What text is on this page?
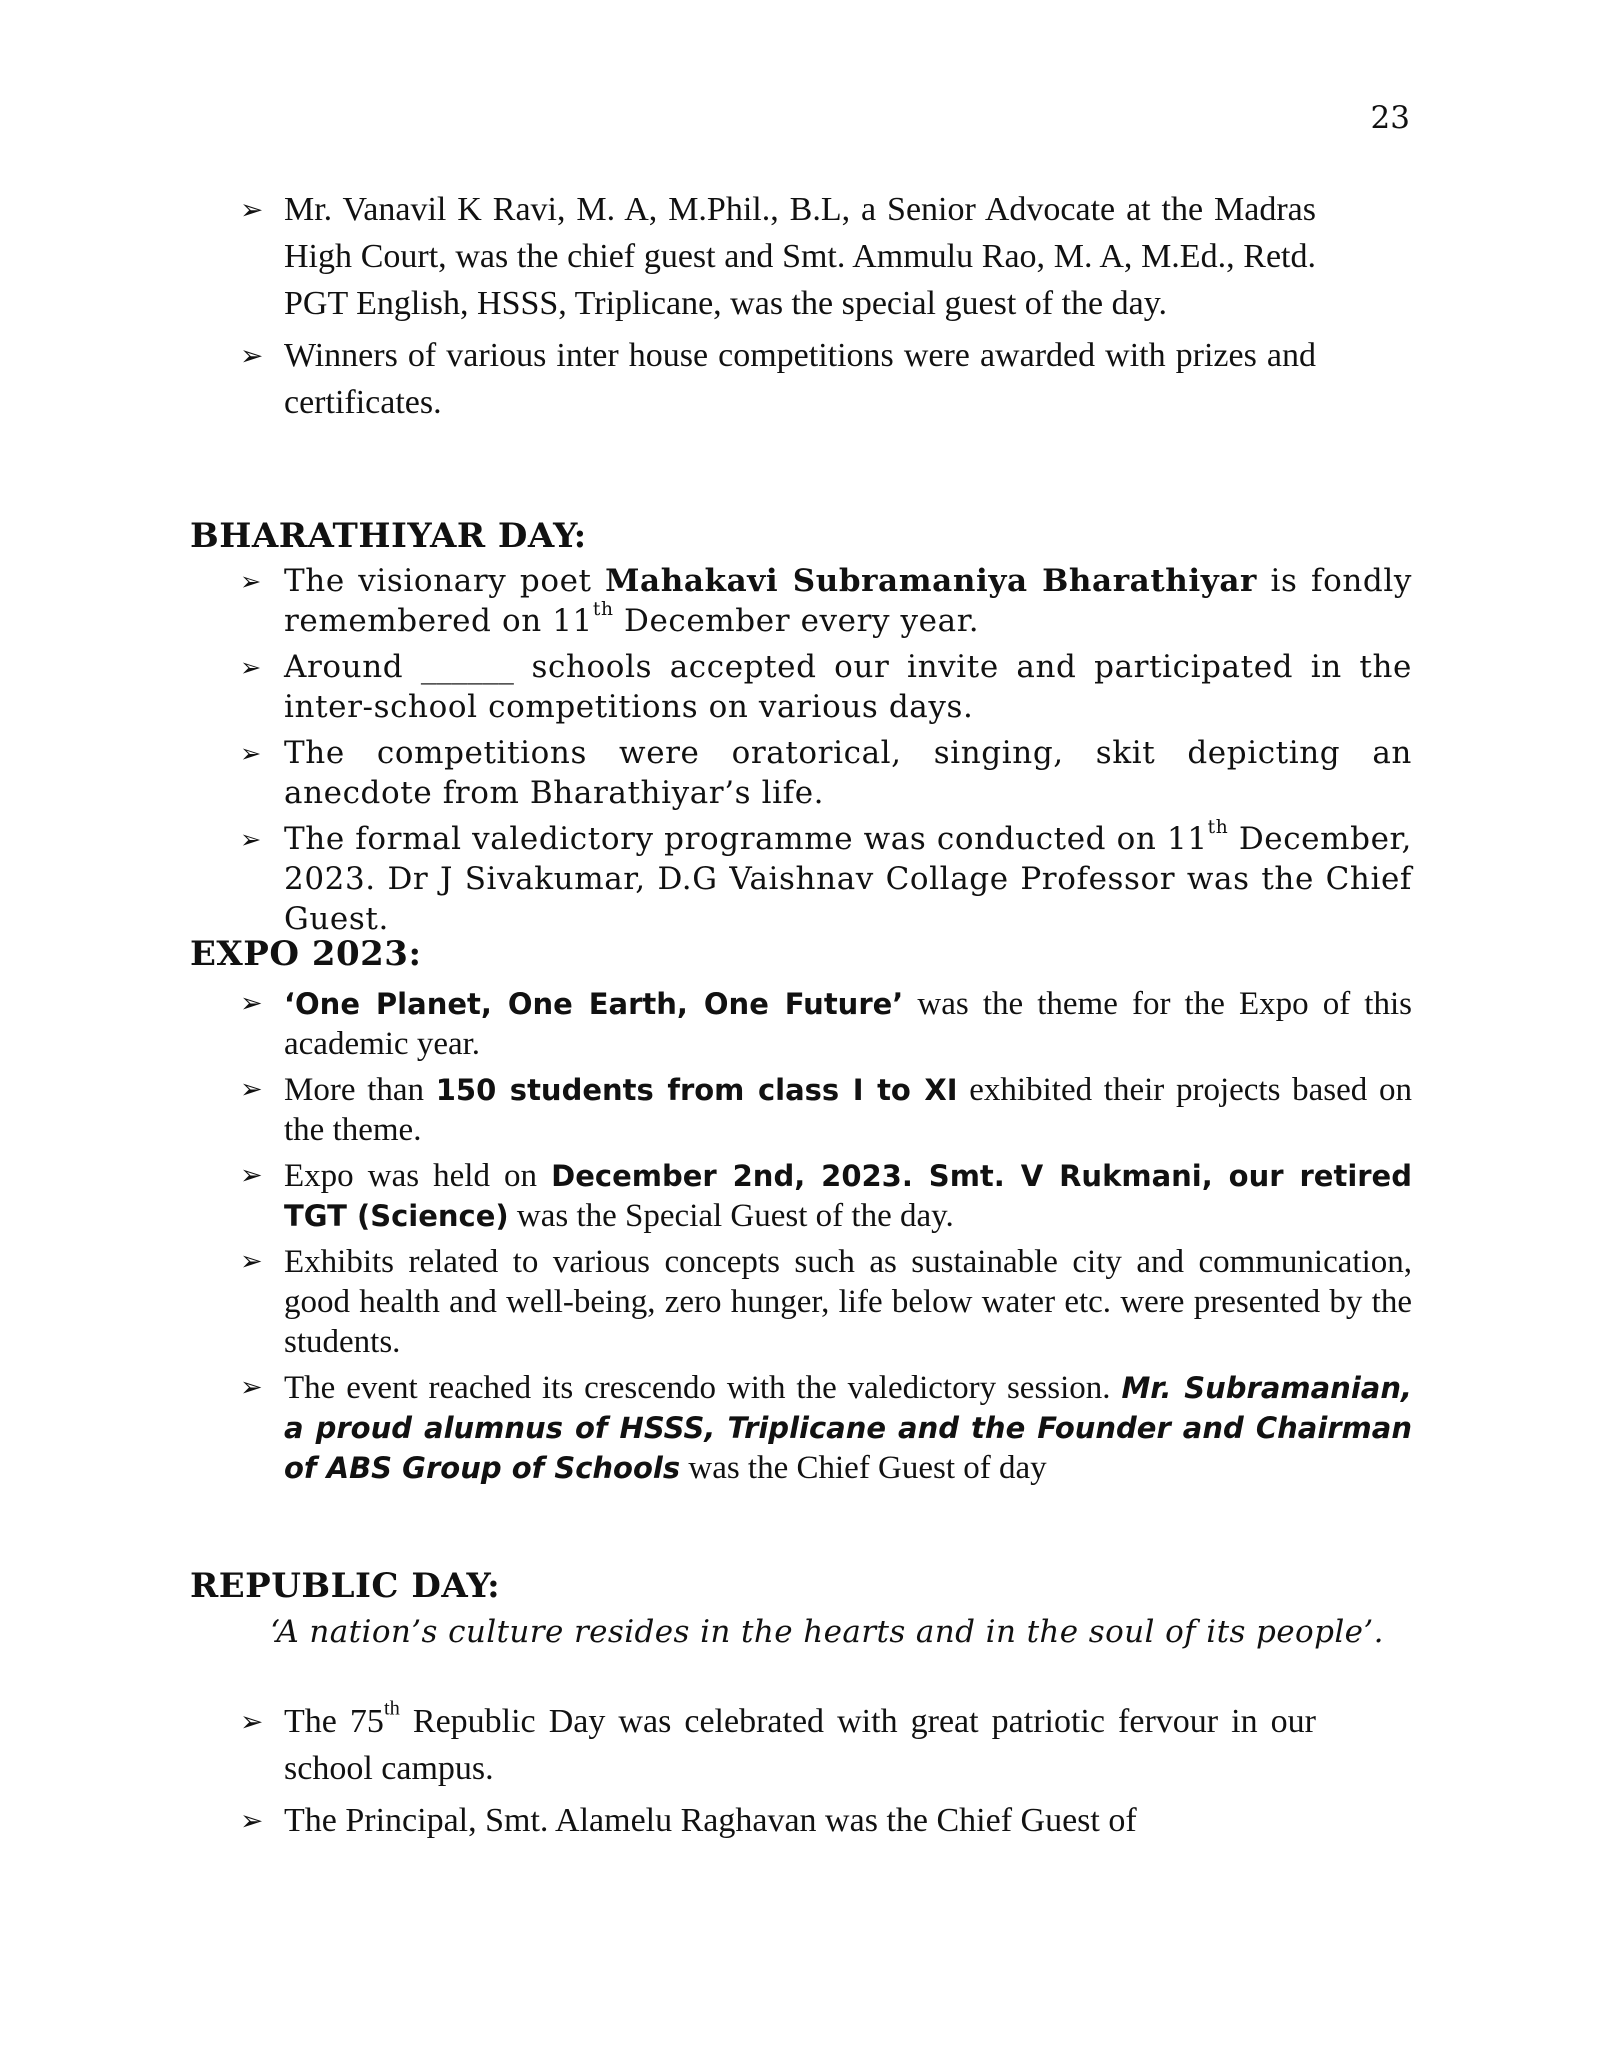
23
➢ Mr. Vanavil K Ravi, M. A, M.Phil., B.L, a Senior Advocate at the Madras High Court, was the chief guest and Smt. Ammulu Rao, M. A, M.Ed., Retd. PGT English, HSSS, Triplicane, was the special guest of the day.
➢ Winners of various inter house competitions were awarded with prizes and certificates.
BHARATHIYAR DAY:
➢ The visionary poet Mahakavi Subramaniya Bharathiyar is fondly remembered on 11th December every year.
➢ Around ______ schools accepted our invite and participated in the inter-school competitions on various days.
➢ The competitions were oratorical, singing, skit depicting an anecdote from Bharathiyar’s life.
➢ The formal valedictory programme was conducted on 11th December, 2023. Dr J Sivakumar, D.G Vaishnav Collage Professor was the Chief Guest.
EXPO 2023:
➢ ‘One Planet, One Earth, One Future’ was the theme for the Expo of this academic year.
➢ More than 150 students from class I to XI exhibited their projects based on the theme.
➢ Expo was held on December 2nd, 2023. Smt. V Rukmani, our retired TGT (Science) was the Special Guest of the day.
➢ Exhibits related to various concepts such as sustainable city and communication, good health and well-being, zero hunger, life below water etc. were presented by the students.
➢ The event reached its crescendo with the valedictory session. Mr. Subramanian, a proud alumnus of HSSS, Triplicane and the Founder and Chairman of ABS Group of Schools was the Chief Guest of day
REPUBLIC DAY:
‘A nation’s culture resides in the hearts and in the soul of its people’.
➢ The 75th Republic Day was celebrated with great patriotic fervour in our school campus.
➢ The Principal, Smt. Alamelu Raghavan was the Chief Guest of
